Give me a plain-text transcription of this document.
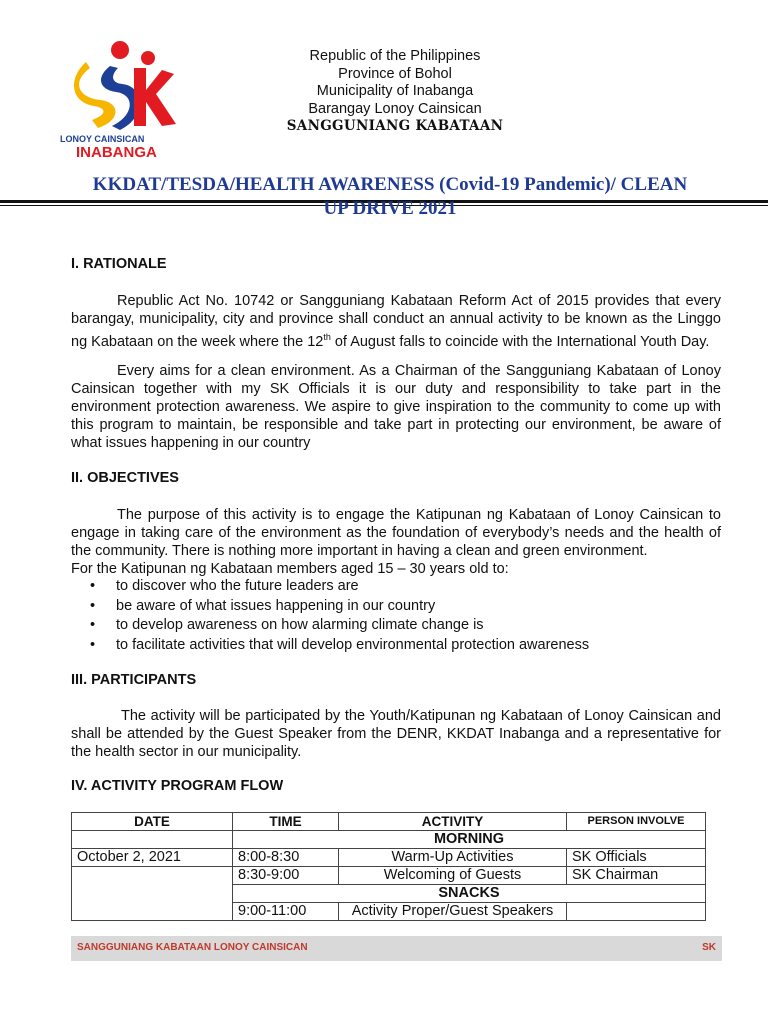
LONOY CAINSICAN
INABANGA
Republic of the Philippines
Province of Bohol
Municipality of Inabanga
Barangay Lonoy Cainsican
SANGGUNIANG KABATAAN
KKDAT/TESDA/HEALTH AWARENESS (Covid-19 Pandemic)/ CLEAN
UP DRIVE 2021
I. RATIONALE
Republic Act No. 10742 or Sangguniang Kabataan Reform Act of 2015 provides that every barangay, municipality, city and province shall conduct an annual activity to be known as the Linggo ng Kabataan on the week where the 12th of August falls to coincide with the International Youth Day.
Every aims for a clean environment. As a Chairman of the Sangguniang Kabataan of Lonoy Cainsican together with my SK Officials it is our duty and responsibility to take part in the environment protection awareness. We aspire to give inspiration to the community to come up with this program to maintain, be responsible and take part in protecting our environment, be aware of what issues happening in our country
II. OBJECTIVES
The purpose of this activity is to engage the Katipunan ng Kabataan of Lonoy Cainsican to engage in taking care of the environment as the foundation of everybody’s needs and the health of the community. There is nothing more important in having a clean and green environment.
For the Katipunan ng Kabataan members aged 15 – 30 years old to:
• to discover who the future leaders are
• be aware of what issues happening in our country
• to develop awareness on how alarming climate change is
• to facilitate activities that will develop environmental protection awareness
III. PARTICIPANTS
The activity will be participated by the Youth/Katipunan ng Kabataan of Lonoy Cainsican and shall be attended by the Guest Speaker from the DENR, KKDAT Inabanga and a representative for the health sector in our municipality.
IV. ACTIVITY PROGRAM FLOW
DATE	TIME	ACTIVITY	PERSON INVOLVE
	MORNING		
October 2, 2021	8:00-8:30	Warm-Up Activities	SK Officials
	8:30-9:00	Welcoming of Guests	SK Chairman
	SNACKS		
	9:00-11:00	Activity Proper/Guest Speakers	
SANGGUNIANG KABATAAN LONOY CAINSICAN	SK
